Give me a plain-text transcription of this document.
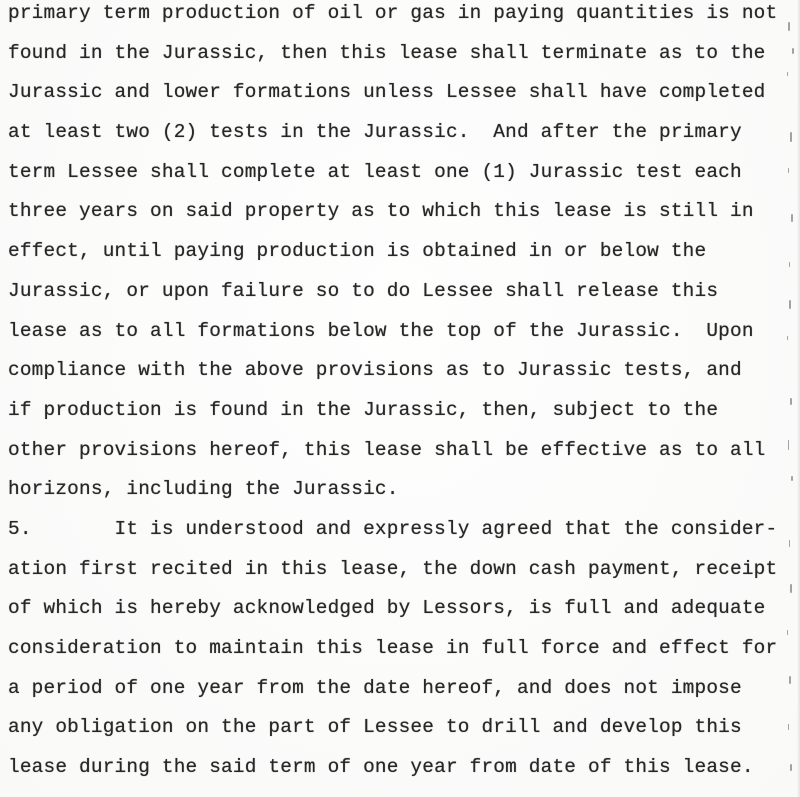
primary term production of oil or gas in paying quantities is not
found in the Jurassic, then this lease shall terminate as to the
Jurassic and lower formations unless Lessee shall have completed
at least two (2) tests in the Jurassic.  And after the primary
term Lessee shall complete at least one (1) Jurassic test each
three years on said property as to which this lease is still in
effect, until paying production is obtained in or below the
Jurassic, or upon failure so to do Lessee shall release this
lease as to all formations below the top of the Jurassic.  Upon
compliance with the above provisions as to Jurassic tests, and
if production is found in the Jurassic, then, subject to the
other provisions hereof, this lease shall be effective as to all
horizons, including the Jurassic.
5.       It is understood and expressly agreed that the consider-
ation first recited in this lease, the down cash payment, receipt
of which is hereby acknowledged by Lessors, is full and adequate
consideration to maintain this lease in full force and effect for
a period of one year from the date hereof, and does not impose
any obligation on the part of Lessee to drill and develop this
lease during the said term of one year from date of this lease.
